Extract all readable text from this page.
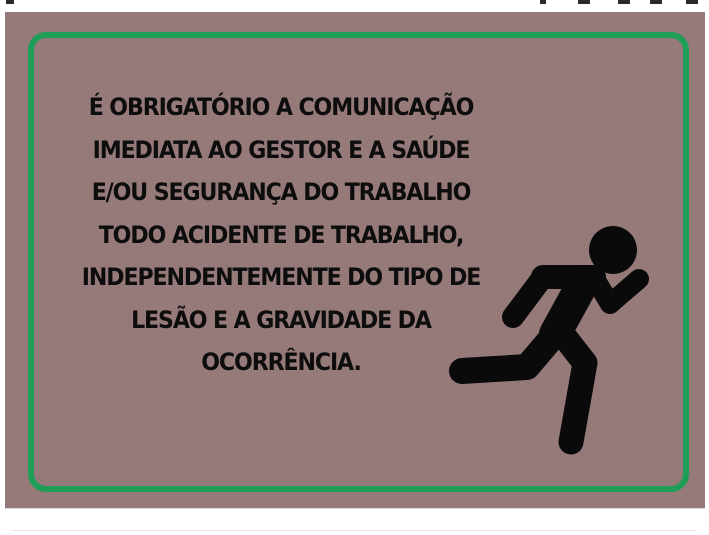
É OBRIGATÓRIO A COMUNICAÇÃO IMEDIATA AO GESTOR E A SAÚDE E/OU SEGURANÇA DO TRABALHO TODO ACIDENTE DE TRABALHO, INDEPENDENTEMENTE DO TIPO DE LESÃO E A GRAVIDADE DA OCORRÊNCIA.
